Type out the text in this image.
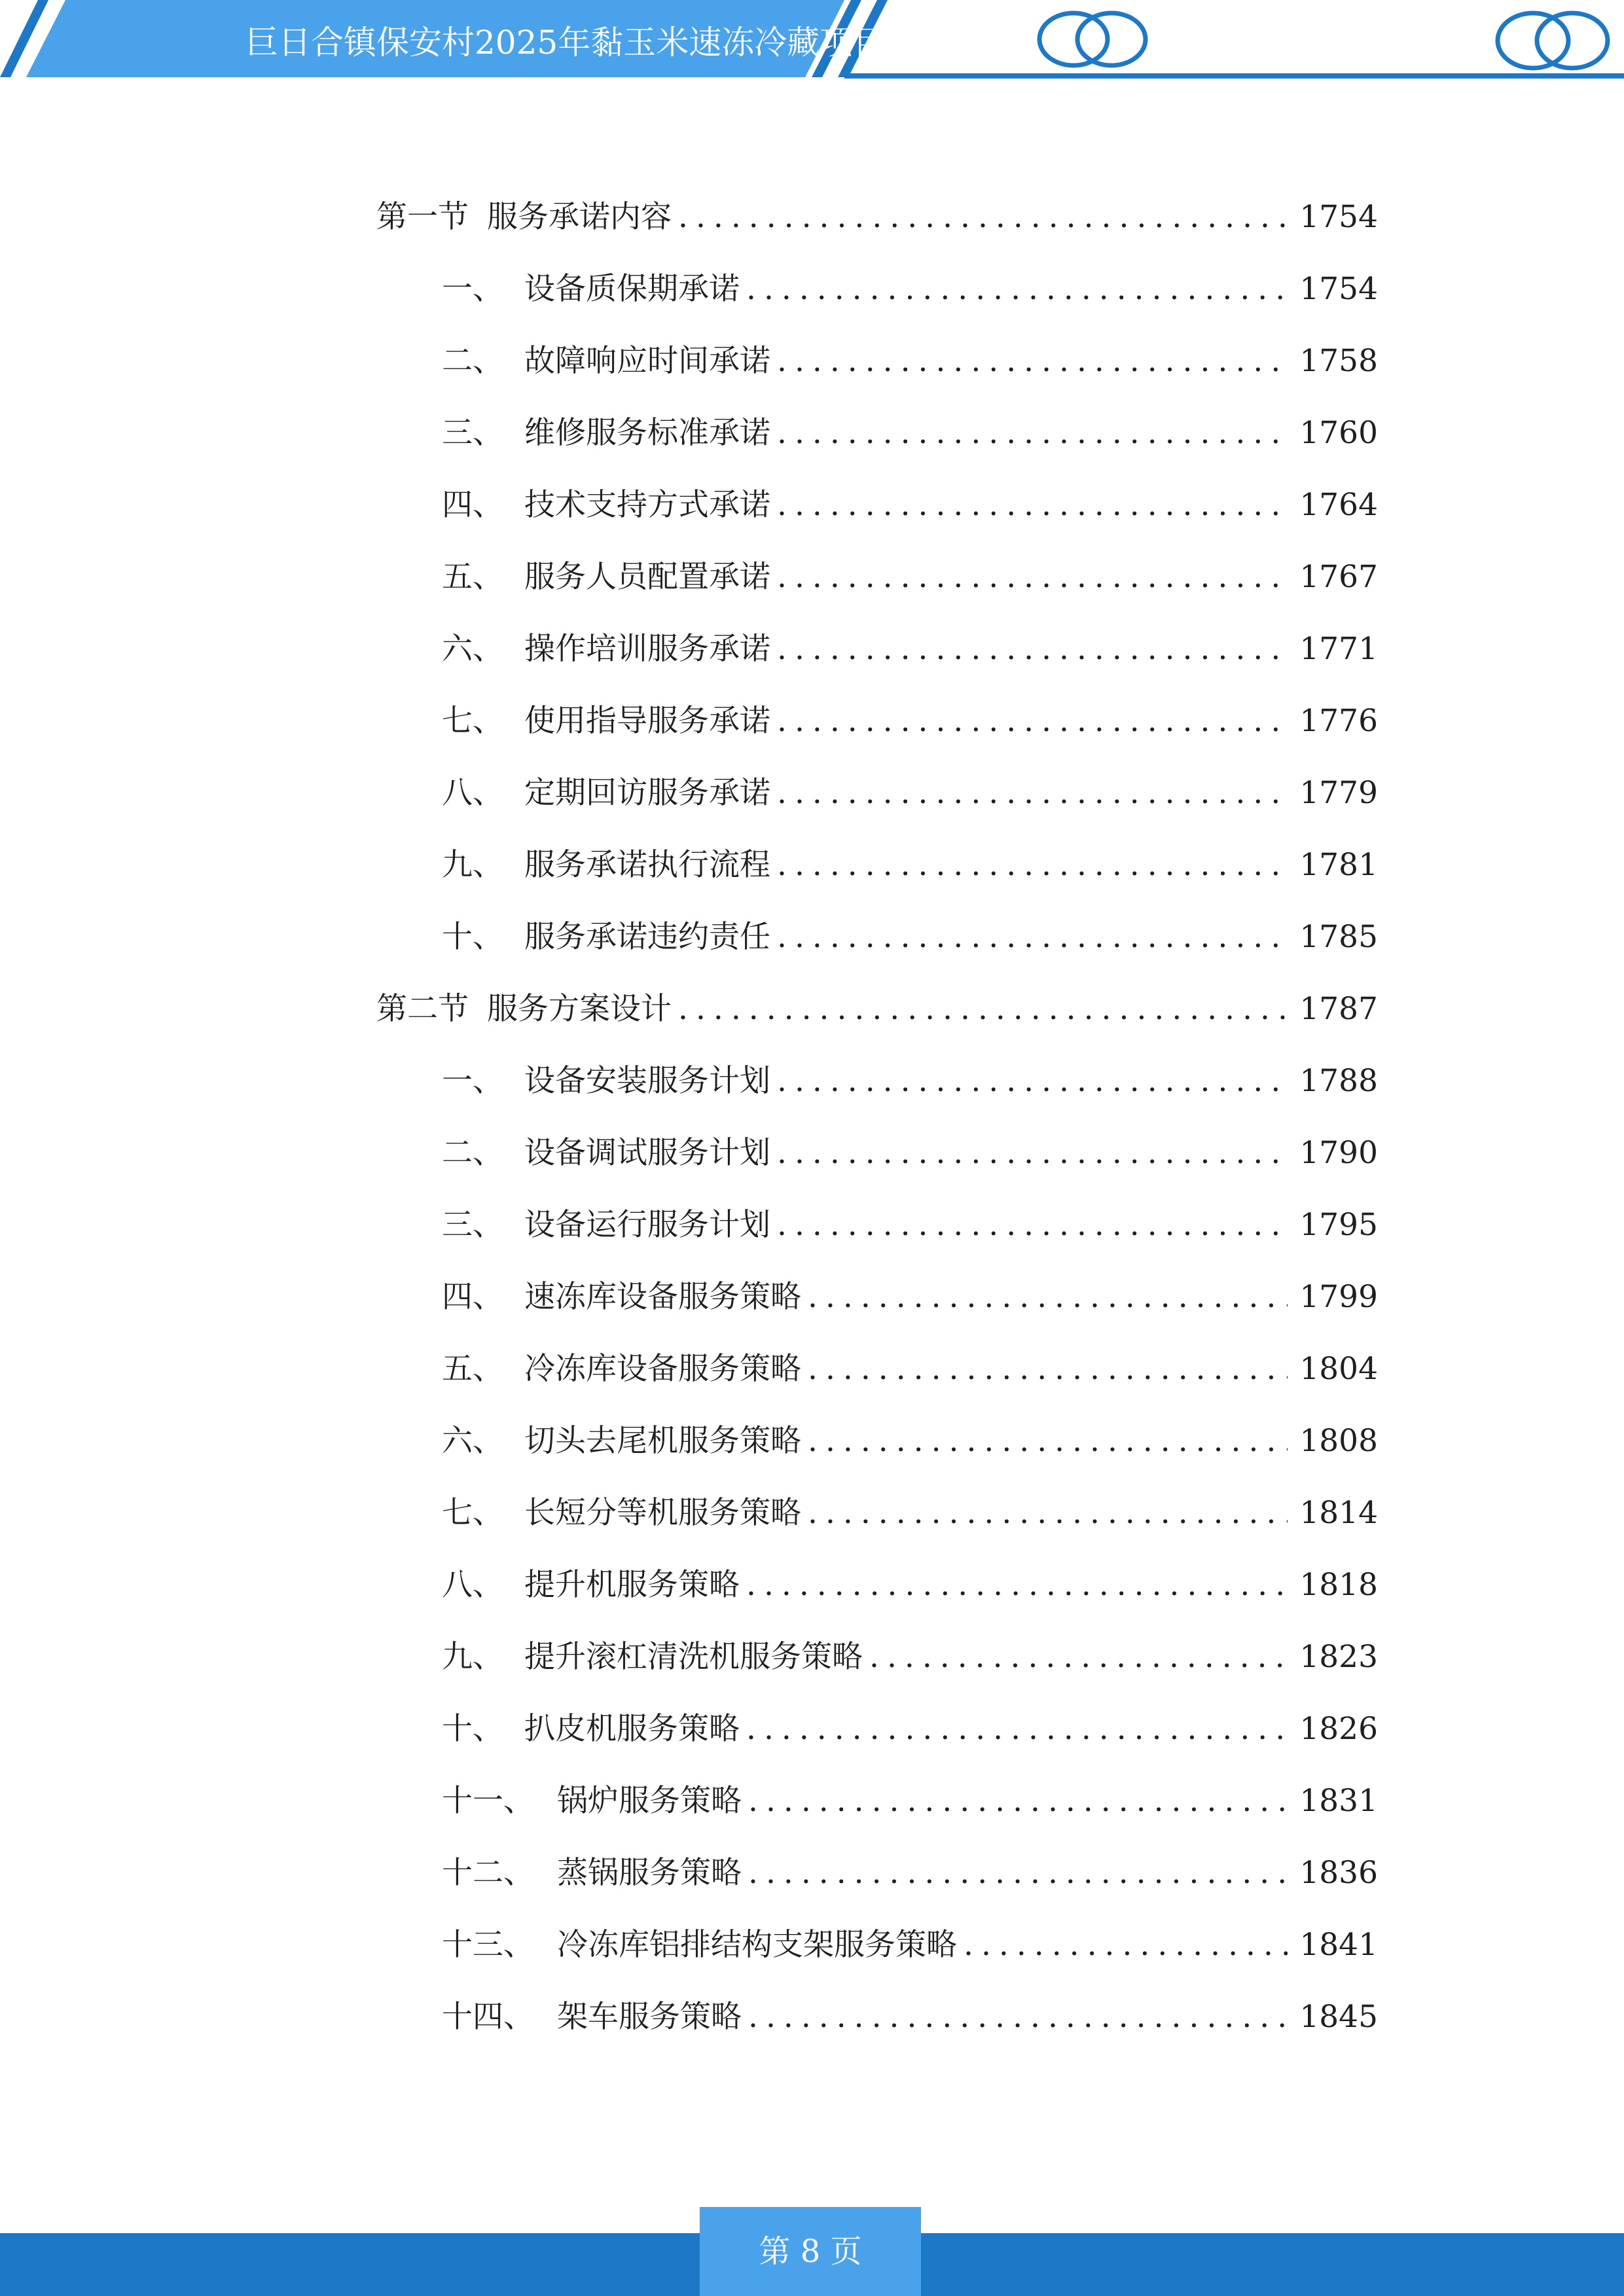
巨日合镇保安村2025年黏玉米速冻冷藏项目
第一节 服务承诺内容 .....	1754
一、 设备质保期承诺 .....	1754
二、 故障响应时间承诺 .....	1758
三、 维修服务标准承诺 .....	1760
四、 技术支持方式承诺 .....	1764
五、 服务人员配置承诺 .....	1767
六、 操作培训服务承诺 .....	1771
七、 使用指导服务承诺 .....	1776
八、 定期回访服务承诺 .....	1779
九、 服务承诺执行流程 .....	1781
十、 服务承诺违约责任 .....	1785
第二节 服务方案设计 .....	1787
一、 设备安装服务计划 .....	1788
二、 设备调试服务计划 .....	1790
三、 设备运行服务计划 .....	1795
四、 速冻库设备服务策略 .....	1799
五、 冷冻库设备服务策略 .....	1804
六、 切头去尾机服务策略 .....	1808
七、 长短分等机服务策略 .....	1814
八、 提升机服务策略 .....	1818
九、 提升滚杠清洗机服务策略 .....	1823
十、 扒皮机服务策略 .....	1826
十一、 锅炉服务策略 .....	1831
十二、 蒸锅服务策略 .....	1836
十三、 冷冻库铝排结构支架服务策略 .....	1841
十四、 架车服务策略 .....	1845
第 8 页
